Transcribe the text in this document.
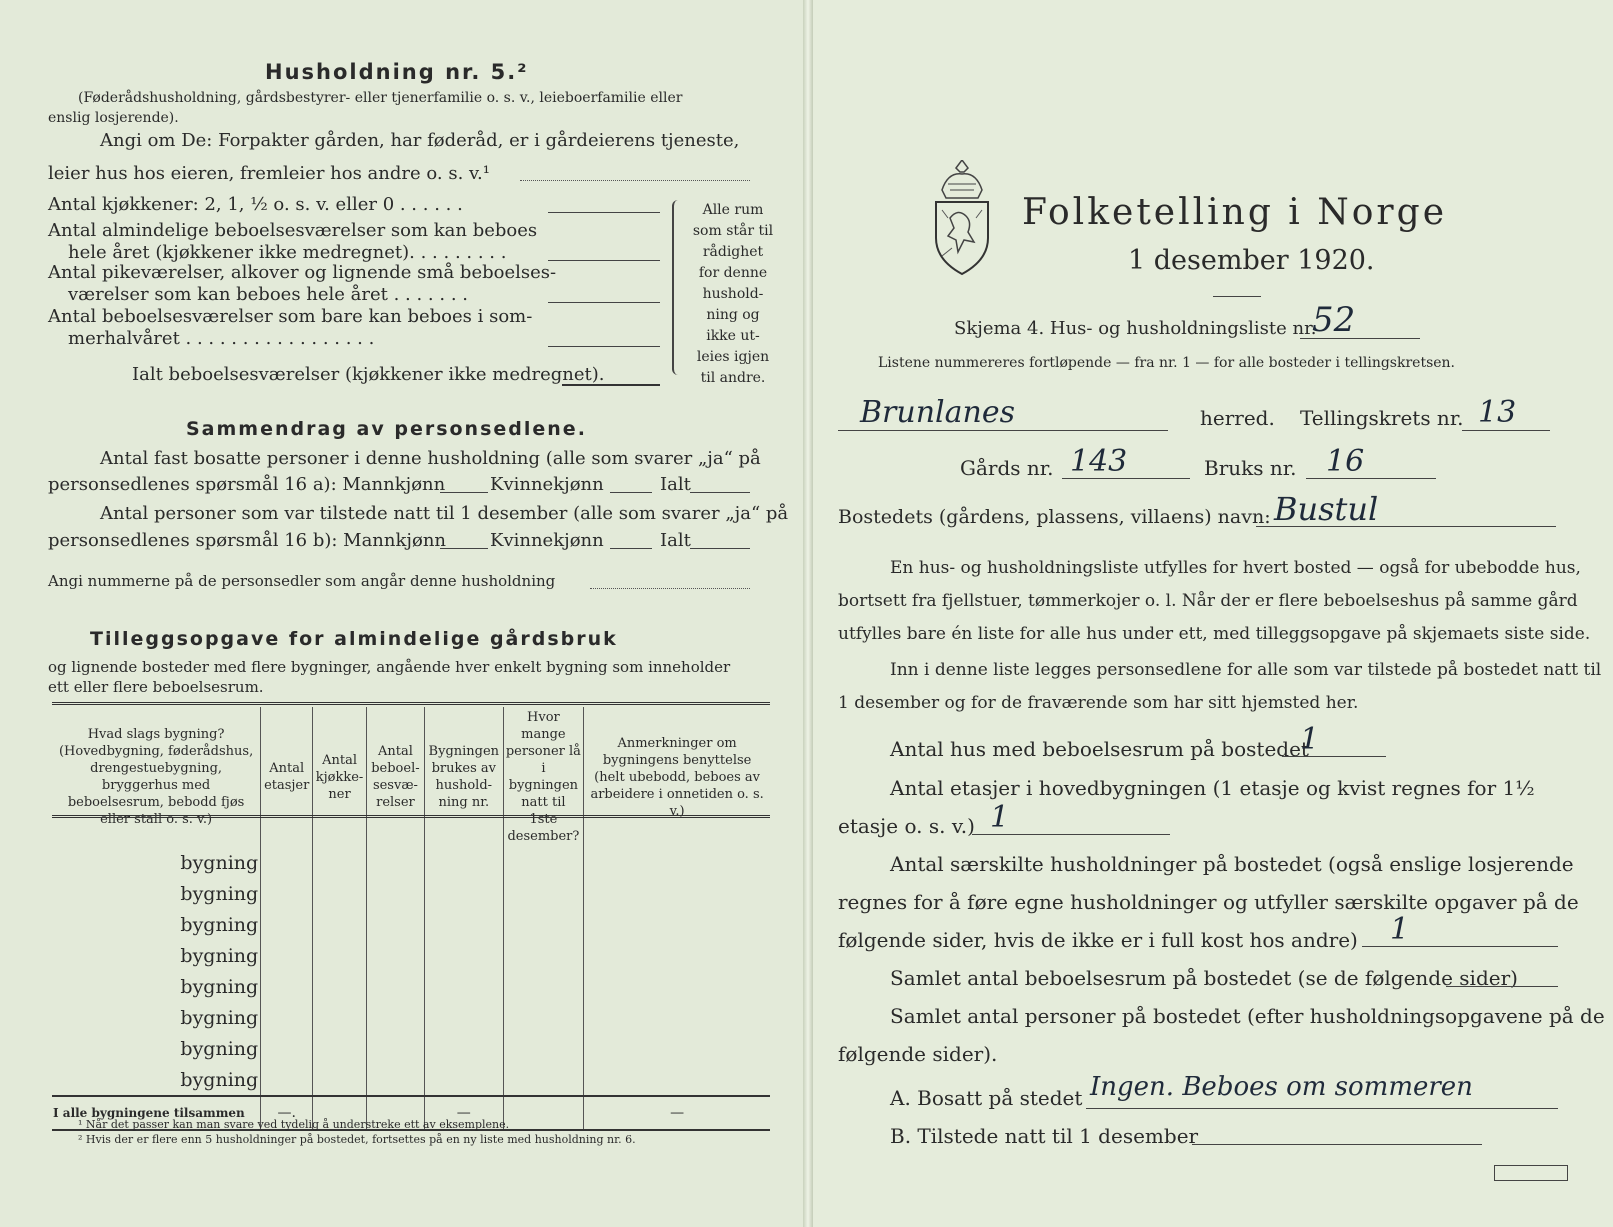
Husholdning nr. 5.²
(Føderådshusholdning, gårdsbestyrer- eller tjenerfamilie o. s. v., leieboerfamilie eller
enslig losjerende).
Angi om De: Forpakter gården, har føderåd, er i gårdeierens tjeneste,
leier hus hos eieren, fremleier hos andre o. s. v.¹
Antal kjøkkener: 2, 1, ½ o. s. v. eller 0 . . . . . .
Antal almindelige beboelsesværelser som kan beboes
hele året (kjøkkener ikke medregnet). . . . . . . . .
Antal pikeværelser, alkover og lignende små beboelses-
værelser som kan beboes hele året . . . . . . .
Antal beboelsesværelser som bare kan beboes i som-
merhalvåret . . . . . . . . . . . . . . . . .
Ialt beboelsesværelser (kjøkkener ikke medregnet).
Alle rum
som står til
rådighet
for denne
hushold-
ning og
ikke ut-
leies igjen
til andre.
Sammendrag av personsedlene.
Antal fast bosatte personer i denne husholdning (alle som svarer „ja“ på
personsedlenes spørsmål 16 a): Mannkjønn Kvinnekjønn	Ialt
Antal personer som var tilstede natt til 1 desember (alle som svarer „ja“ på
personsedlenes spørsmål 16 b): Mannkjønn Kvinnekjønn	Ialt
Angi nummerne på de personsedler som angår denne husholdning
Tilleggsopgave for almindelige gårdsbruk
og lignende bosteder med flere bygninger, angående hver enkelt bygning som inneholder
ett eller flere beboelsesrum.
Hvad slags bygning? (Hovedbygning, føderådshus, drengestuebygning, bryggerhus med beboelsesrum, bebodd fjøs eller stall o. s. v.)	Antal etasjer	Antal kjøkke-ner	Antal beboel-sesvæ-relser	Bygningen brukes av hushold-ning nr.	Hvor mange personer lå i bygningen natt til 1ste desember?	Anmerkninger om bygningens benyttelse (helt ubebodd, beboes av arbeidere i onnetiden o. s. v.)
bygning						
bygning						
bygning						
bygning						
bygning						
bygning						
bygning						
bygning						
I alle bygningene tilsammen	—.			—		—
¹ Når det passer kan man svare ved tydelig å understreke ett av eksemplene.
² Hvis der er flere enn 5 husholdninger på bostedet, fortsettes på en ny liste med husholdning nr. 6.
Folketelling i Norge
1 desember 1920.
Skjema 4. Hus- og husholdningsliste nr.
52
Listene nummereres fortløpende — fra nr. 1 — for alle bosteder i tellingskretsen.
Brunlanes	herred. Tellingskrets nr. 13
Gårds nr. 143	Bruks nr. 16
Bostedets (gårdens, plassens, villaens) navn: Bustul
En hus- og husholdningsliste utfylles for hvert bosted — også for ubebodde hus,
bortsett fra fjellstuer, tømmerkojer o. l. Når der er flere beboelseshus på samme gård
utfylles bare én liste for alle hus under ett, med tilleggsopgave på skjemaets siste side.
Inn i denne liste legges personsedlene for alle som var tilstede på bostedet natt til
1 desember og for de fraværende som har sitt hjemsted her.
Antal hus med beboelsesrum på bostedet
1
Antal etasjer i hovedbygningen (1 etasje og kvist regnes for 1½
etasje o. s. v.) 1
Antal særskilte husholdninger på bostedet (også enslige losjerende
regnes for å føre egne husholdninger og utfyller særskilte opgaver på de
følgende sider, hvis de ikke er i full kost hos andre) 1
Samlet antal beboelsesrum på bostedet (se de følgende sider)
Samlet antal personer på bostedet (efter husholdningsopgavene på de
følgende sider).
A. Bosatt på stedet Ingen. Beboes om sommeren
B. Tilstede natt til 1 desember
